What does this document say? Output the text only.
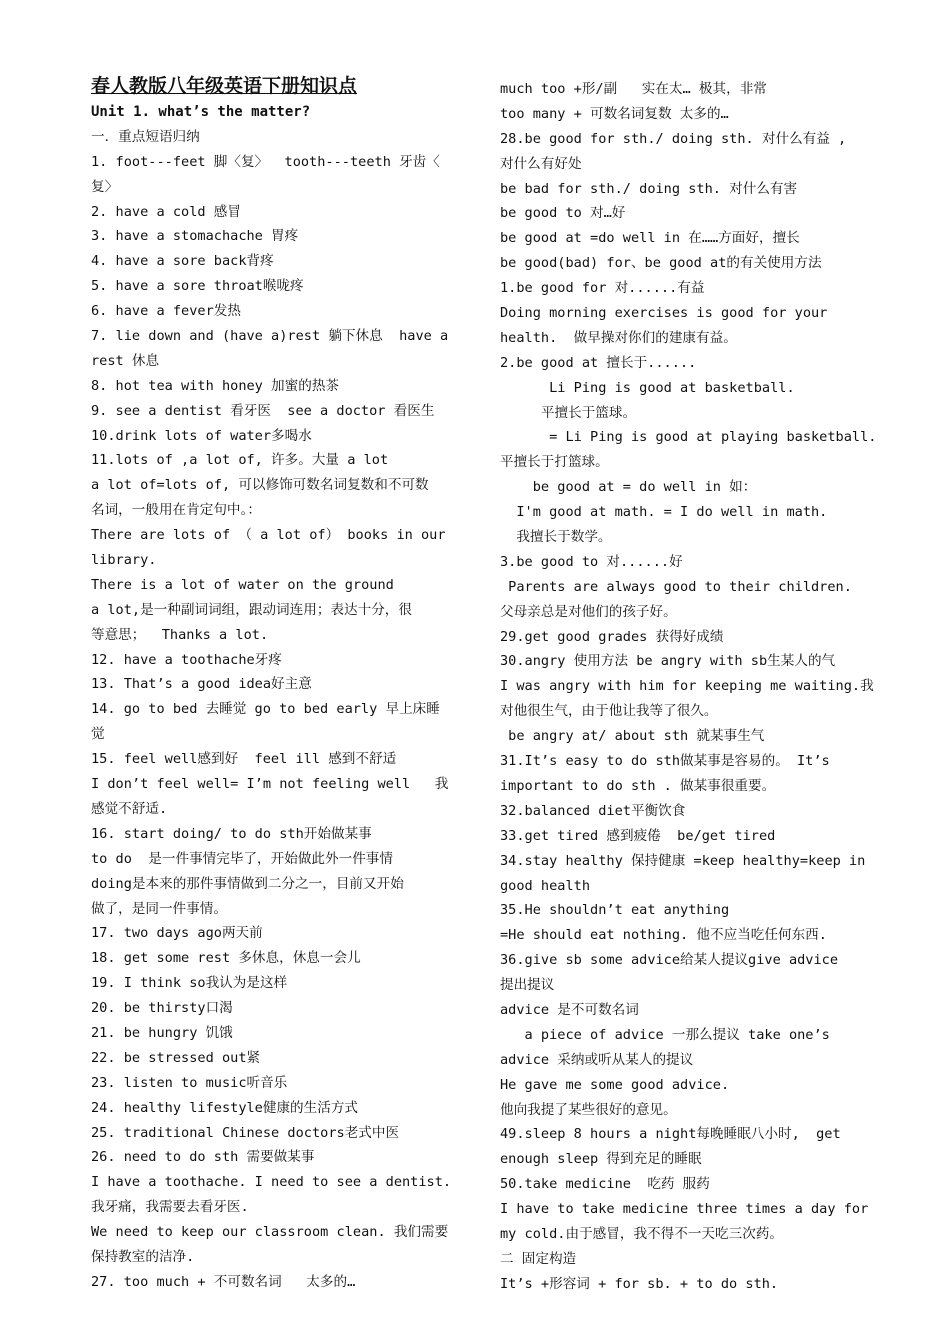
春人教版八年级英语下册知识点
Unit 1. what’s the matter?
一．重点短语归纳
1. foot---feet 脚〈复〉  tooth---teeth 牙齿〈
复〉
2. have a cold 感冒
3. have a stomachache 胃疼
4. have a sore back背疼
5. have a sore throat喉咙疼
6. have a fever发热
7. lie down and (have a)rest 躺下休息  have a
rest 休息
8. hot tea with honey 加蜜的热茶
9. see a dentist 看牙医  see a doctor 看医生
10.drink lots of water多喝水
11.lots of ,a lot of, 许多。大量 a lot
a lot of=lots of, 可以修饰可数名词复数和不可数
名词，一般用在肯定句中。：
There are lots of （ a lot of） books in our
library.
There is a lot of water on the ground
a lot,是一种副词词组，跟动词连用；表达十分，很
等意思；  Thanks a lot.
12. have a toothache牙疼
13. That’s a good idea好主意
14. go to bed 去睡觉 go to bed early 早上床睡
觉
15. feel well感到好  feel ill 感到不舒适
I don’t feel well= I’m not feeling well   我
感觉不舒适.
16. start doing/ to do sth开始做某事
to do  是一件事情完毕了，开始做此外一件事情
doing是本来的那件事情做到二分之一，目前又开始
做了，是同一件事情。
17. two days ago两天前
18. get some rest 多休息，休息一会儿
19. I think so我认为是这样
20. be thirsty口渴
21. be hungry 饥饿
22. be stressed out紧
23. listen to music听音乐
24. healthy lifestyle健康的生活方式
25. traditional Chinese doctors老式中医
26. need to do sth 需要做某事
I have a toothache. I need to see a dentist.
我牙痛，我需要去看牙医.
We need to keep our classroom clean. 我们需要
保持教室的洁净.
27. too much + 不可数名词   太多的…
much too +形/副   实在太… 极其，非常
too many + 可数名词复数 太多的…
28.be good for sth./ doing sth. 对什么有益 ,
对什么有好处
be bad for sth./ doing sth. 对什么有害
be good to 对…好
be good at =do well in 在……方面好，擅长
be good(bad) for、be good at的有关使用方法
1.be good for 对......有益
Doing morning exercises is good for your
health.  做早操对你们的建康有益。
2.be good at 擅长于......
Li Ping is good at basketball.
平擅长于篮球。
= Li Ping is good at playing basketball.
平擅长于打篮球。
be good at = do well in 如：
I'm good at math. = I do well in math.
我擅长于数学。
3.be good to 对......好
Parents are always good to their children.
父母亲总是对他们的孩子好。
29.get good grades 获得好成绩
30.angry 使用方法 be angry with sb生某人的气
I was angry with him for keeping me waiting.我
对他很生气，由于他让我等了很久。
be angry at/ about sth 就某事生气
31.It’s easy to do sth做某事是容易的。 It’s
important to do sth . 做某事很重要。
32.balanced diet平衡饮食
33.get tired 感到疲倦  be/get tired
34.stay healthy 保持健康 =keep healthy=keep in
good health
35.He shouldn’t eat anything
=He should eat nothing. 他不应当吃任何东西.
36.give sb some advice给某人提议give advice
提出提议
advice 是不可数名词
a piece of advice 一那么提议 take one’s
advice 采纳或听从某人的提议
He gave me some good advice.
他向我提了某些很好的意见。
49.sleep 8 hours a night每晚睡眠八小时,  get
enough sleep 得到充足的睡眠
50.take medicine  吃药 服药
I have to take medicine three times a day for
my cold.由于感冒，我不得不一天吃三次药。
二 固定构造
It’s +形容词 + for sb. + to do sth.
